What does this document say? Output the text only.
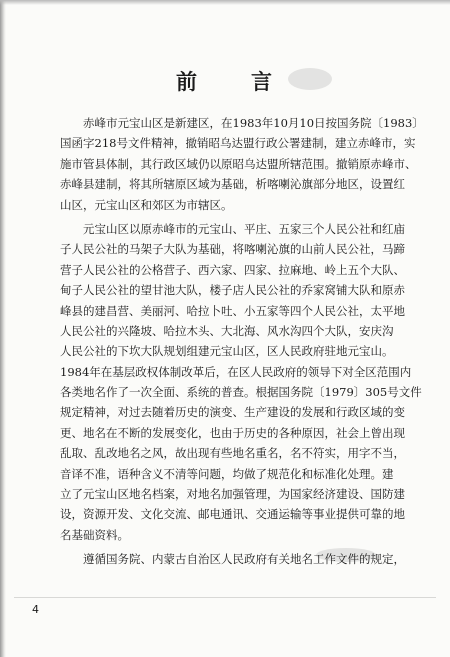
前 言
赤峰市元宝山区是新建区，在1983年10月10日按国务院〔1983〕
国函字218号文件精神，撤销昭乌达盟行政公署建制，建立赤峰市，实
施市管县体制，其行政区域仍以原昭乌达盟所辖范围。撤销原赤峰市、
赤峰县建制，将其所辖原区域为基础，析喀喇沁旗部分地区，设置红
山区，元宝山区和郊区为市辖区。
元宝山区以原赤峰市的元宝山、平庄、五家三个人民公社和红庙
子人民公社的马架子大队为基础，将喀喇沁旗的山前人民公社，马蹄
营子人民公社的公格营子、西六家、四家、拉麻地、岭上五个大队、
甸子人民公社的望甘池大队，楼子店人民公社的乔家窝铺大队和原赤
峰县的建昌营、美丽河、哈拉卜吐、小五家等四个人民公社，太平地
人民公社的兴隆坡、哈拉木头、大北海、风水沟四个大队，安庆沟
人民公社的下坎大队规划组建元宝山区，区人民政府驻地元宝山。
1984年在基层政权体制改革后，在区人民政府的领导下对全区范围内
各类地名作了一次全面、系统的普查。根据国务院〔1979〕305号文件
规定精神，对过去随着历史的演变、生产建设的发展和行政区域的变
更、地名在不断的发展变化，也由于历史的各种原因，社会上曾出现
乱取、乱改地名之风，故出现有些地名重名，名不符实，用字不当，
音译不准，语种含义不清等问题，均做了规范化和标准化处理。建
立了元宝山区地名档案，对地名加强管理，为国家经济建设、国防建
设，资源开发、文化交流、邮电通讯、交通运输等事业提供可靠的地
名基础资料。
遵循国务院、内蒙古自治区人民政府有关地名工作文件的规定，
4
